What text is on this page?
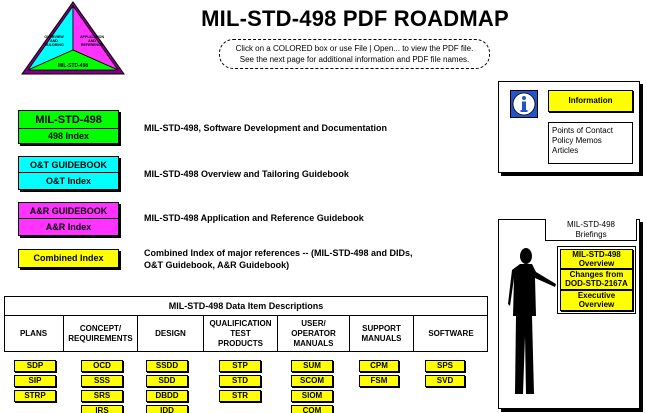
OVERVIEW AND TAILORING
APPLICATION AND REFERENCE
MIL-STD-498
MIL-STD-498 PDF ROADMAP
Click on a COLORED box or use File | Open... to view the PDF file.
See the next page for additional information and PDF file names.
MIL-STD-498
498 Index
MIL-STD-498, Software Development and Documentation
O&T GUIDEBOOK
O&T Index
MIL-STD-498 Overview and Tailoring Guidebook
A&R GUIDEBOOK
A&R Index
MIL-STD-498 Application and Reference Guidebook
Combined Index	Combined Index of major references -- (MIL-STD-498 and DIDs,
O&T Guidebook, A&R Guidebook)
Information
Points of Contact
Policy Memos
Articles
MIL-STD-498
Briefings
MIL-STD-498
Overview
Changes from
DOD-STD-2167A
Executive
Overview
MIL-STD-498 Data Item Descriptions
PLANS
SDP
SIP
STRP
CONCEPT/
REQUIREMENTS
OCD
SSS
SRS
IRS
DESIGN
SSDD
SDD
DBDD
IDD
QUALIFICATION
TEST
PRODUCTS
STP
STD
STR
USER/
OPERATOR
MANUALS
SUM
SCOM
SIOM
COM
SUPPORT
MANUALS
CPM
FSM
SOFTWARE
SPS
SVD
